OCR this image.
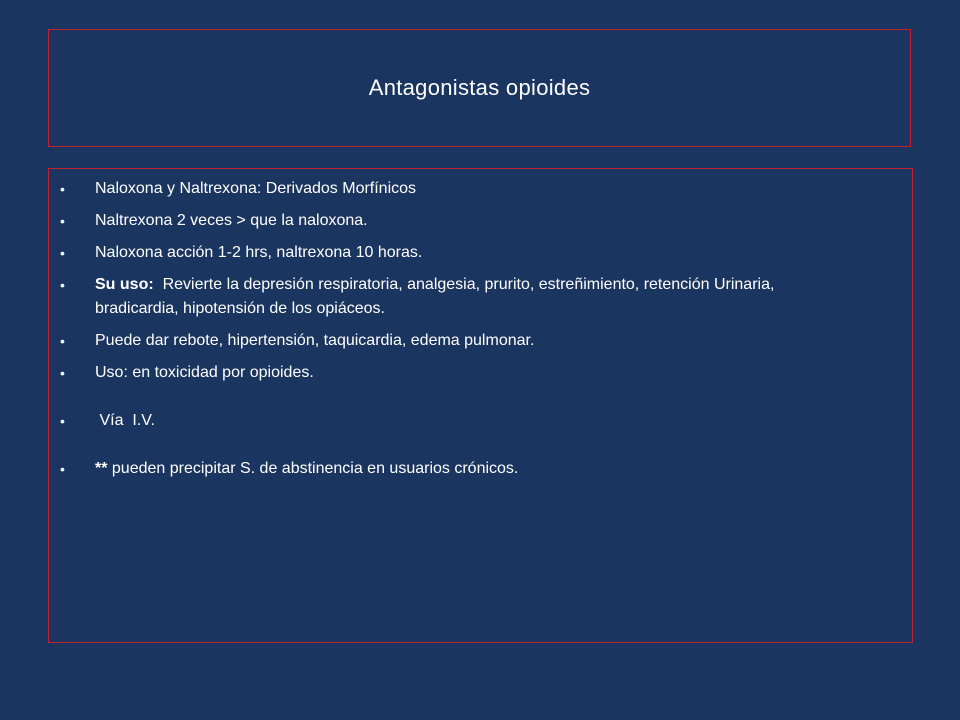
Antagonistas opioides
• Naloxona y Naltrexona: Derivados Morfínicos
• Naltrexona 2 veces > que la naloxona.
• Naloxona acción 1-2 hrs, naltrexona 10 horas.
• Su uso:  Revierte la depresión respiratoria, analgesia, prurito, estreñimiento, retención Urinaria, bradicardia, hipotensión de los opiáceos.
• Puede dar rebote, hipertensión, taquicardia, edema pulmonar.
• Uso: en toxicidad por opioides.
• Vía  I.V.
• ** pueden precipitar S. de abstinencia en usuarios crónicos.
